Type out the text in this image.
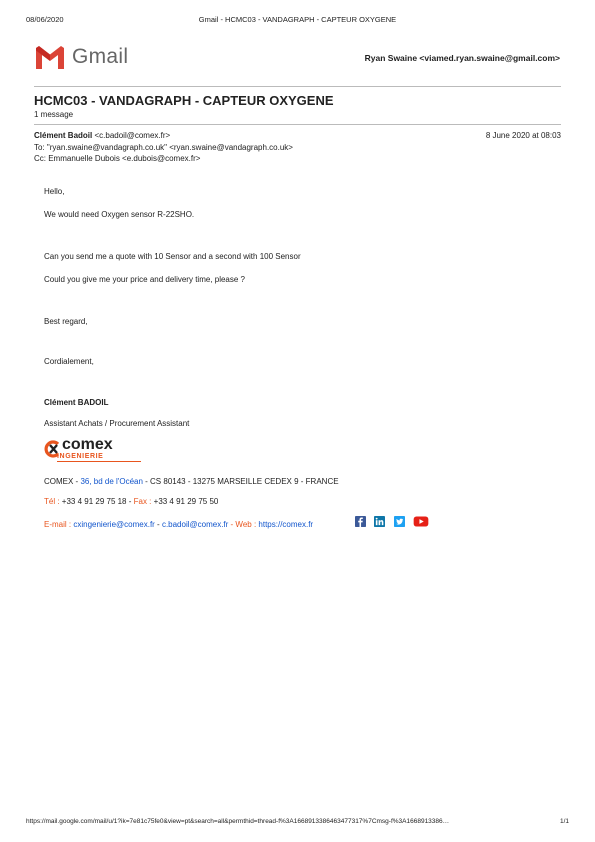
08/06/2020	Gmail - HCMC03 - VANDAGRAPH - CAPTEUR OXYGENE
Gmail	Ryan Swaine <viamed.ryan.swaine@gmail.com>
HCMC03 - VANDAGRAPH - CAPTEUR OXYGENE
1 message
Clément Badoil <c.badoil@comex.fr>	8 June 2020 at 08:03
To: "ryan.swaine@vandagraph.co.uk" <ryan.swaine@vandagraph.co.uk>
Cc: Emmanuelle Dubois <e.dubois@comex.fr>
Hello,
We would need Oxygen sensor R-22SHO.
Can you send me a quote with 10 Sensor and a second with 100 Sensor
Could you give me your price and delivery time, please ?
Best regard,
Cordialement,
Clément BADOIL
Assistant Achats / Procurement Assistant
comex
INGENIERIE
COMEX - 36, bd de l'Océan - CS 80143 - 13275 MARSEILLE CEDEX 9 - FRANCE
Tél : +33 4 91 29 75 18 - Fax : +33 4 91 29 75 50
E-mail : cxingenierie@comex.fr - c.badoil@comex.fr - Web : https://comex.fr
https://mail.google.com/mail/u/1?ik=7e81c75fe0&view=pt&search=all&permthid=thread-f%3A1668913386463477317%7Cmsg-f%3A1668913386…	1/1
